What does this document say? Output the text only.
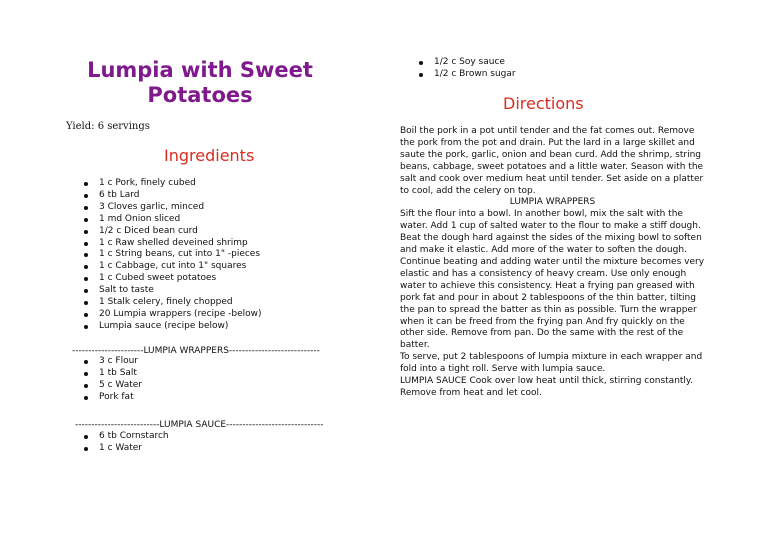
Lumpia with Sweet Potatoes
Yield: 6 servings
Ingredients
1 c Pork, finely cubed
6 tb Lard
3 Cloves garlic, minced
1 md Onion sliced
1/2 c Diced bean curd
1 c Raw shelled deveined shrimp
1 c String beans, cut into 1" -pieces
1 c Cabbage, cut into 1" squares
1 c Cubed sweet potatoes
Salt to taste
1 Stalk celery, finely chopped
20 Lumpia wrappers (recipe -below)
Lumpia sauce (recipe below)
----------------------LUMPIA WRAPPERS----------------------------
3 c Flour
1 tb Salt
5 c Water
Pork fat
--------------------------LUMPIA SAUCE------------------------------
6 tb Cornstarch
1 c Water
1/2 c Soy sauce
1/2 c Brown sugar
Directions

Boil the pork in a pot until tender and the fat comes out. Remove the pork from the pot and drain. Put the lard in a large skillet and saute the pork, garlic, onion and bean curd. Add the shrimp, string beans, cabbage, sweet potatoes and a little water. Season with the salt and cook over medium heat until tender. Set aside on a platter to cool, add the celery on top.

LUMPIA WRAPPERS

Sift the flour into a bowl. In another bowl, mix the salt with the water. Add 1 cup of salted water to the flour to make a stiff dough. Beat the dough hard against the sides of the mixing bowl to soften and make it elastic. Add more of the water to soften the dough. Continue beating and adding water until the mixture becomes very elastic and has a consistency of heavy cream. Use only enough water to achieve this consistency. Heat a frying pan greased with pork fat and pour in about 2 tablespoons of the thin batter, tilting the pan to spread the batter as thin as possible. Turn the wrapper when it can be freed from the frying pan And fry quickly on the other side. Remove from pan. Do the same with the rest of the batter.

To serve, put 2 tablespoons of lumpia mixture in each wrapper and fold into a tight roll. Serve with lumpia sauce.

LUMPIA SAUCE Cook over low heat until thick, stirring constantly. Remove from heat and let cool.
